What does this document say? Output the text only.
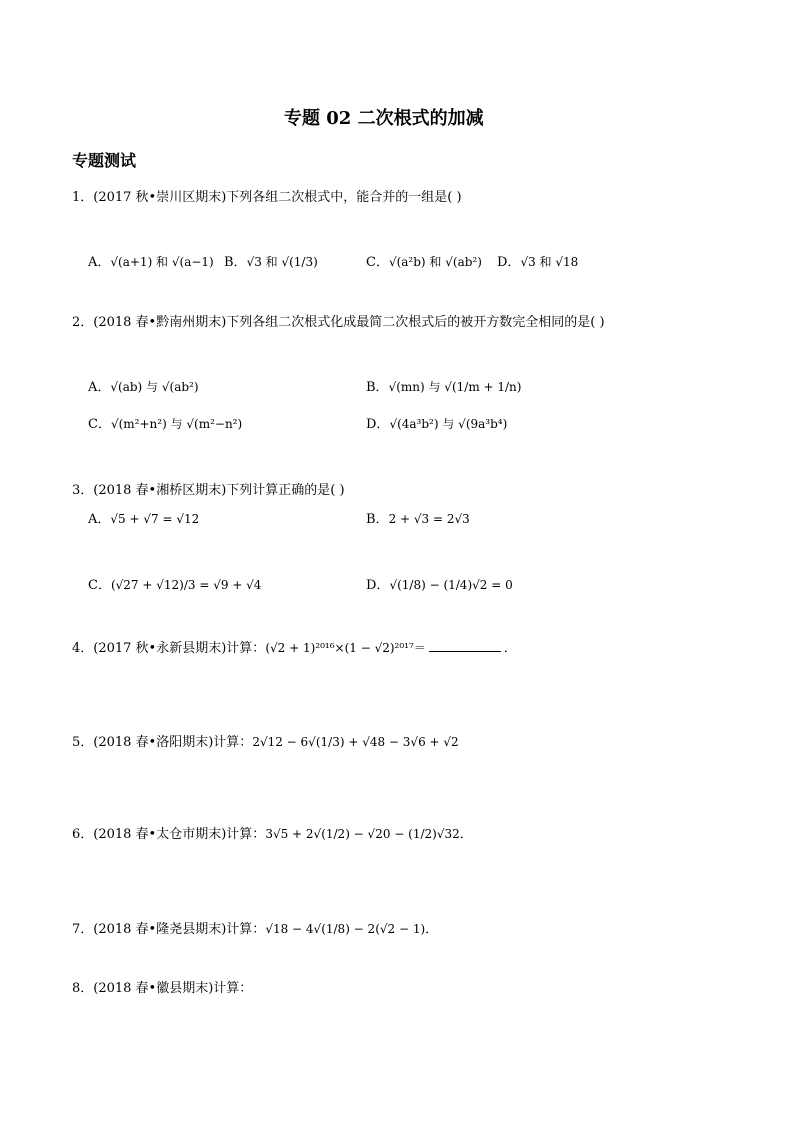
专题 02 二次根式的加减
专题测试
1．(2017 秋•崇川区期末)下列各组二次根式中，能合并的一组是( )
A．√(a+1) 和 √(a−1) B．√3 和 √(1/3)	C．√(a²b) 和 √(ab²) D．√3 和 √18
2．(2018 春•黔南州期末)下列各组二次根式化成最简二次根式后的被开方数完全相同的是( )
A．√(ab) 与 √(ab²)	B．√(mn) 与 √(1/m + 1/n)
C．√(m²+n²) 与 √(m²−n²)	D．√(4a³b²) 与 √(9a³b⁴)
3．(2018 春•湘桥区期末)下列计算正确的是( )
A．√5 + √7 = √12	B．2 + √3 = 2√3
C．(√27 + √12)/3 = √9 + √4	D．√(1/8) − (1/4)√2 = 0
4．(2017 秋•永新县期末)计算：(√2 + 1)²⁰¹⁶×(1 − √2)²⁰¹⁷＝	．
5．(2018 春•洛阳期末)计算：2√12 − 6√(1/3) + √48 − 3√6 + √2
6．(2018 春•太仓市期末)计算：3√5 + 2√(1/2) − √20 − (1/2)√32．
7．(2018 春•隆尧县期末)计算：√18 − 4√(1/8) − 2(√2 − 1)．
8．(2018 春•徽县期末)计算：
